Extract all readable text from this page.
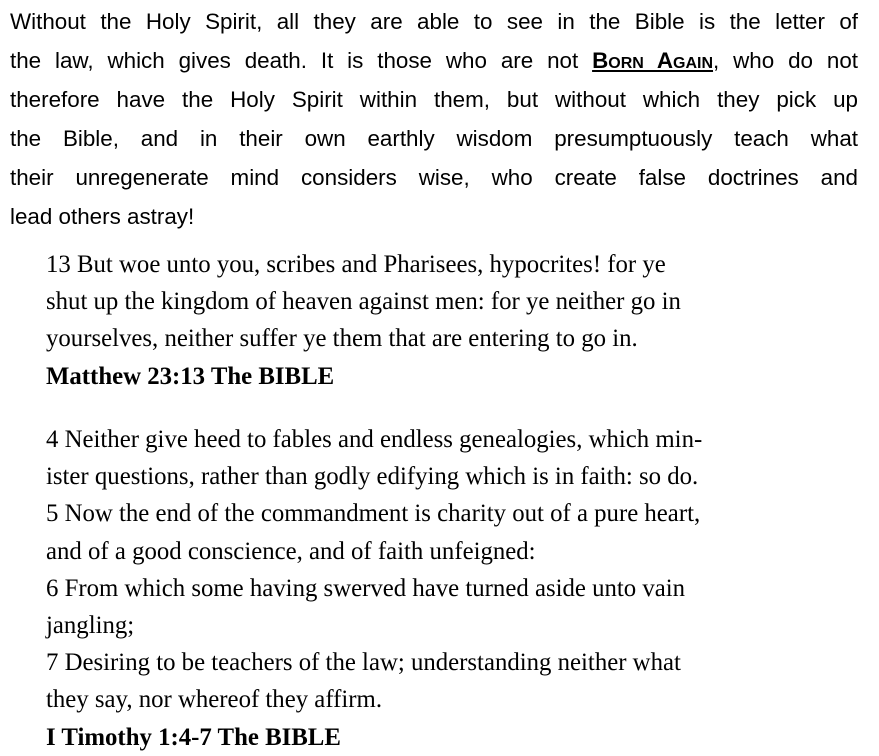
Without the Holy Spirit, all they are able to see in the Bible is the letter of
the law, which gives death. It is those who are not Born Again, who do not
therefore have the Holy Spirit within them, but without which they pick up
the Bible, and in their own earthly wisdom presumptuously teach what
their unregenerate mind considers wise, who create false doctrines and
lead others astray!
13 But woe unto you, scribes and Pharisees, hypocrites! for ye
shut up the kingdom of heaven against men: for ye neither go in
yourselves, neither suffer ye them that are entering to go in.
Matthew 23:13 The BIBLE
4 Neither give heed to fables and endless genealogies, which min-
ister questions, rather than godly edifying which is in faith: so do.
5 Now the end of the commandment is charity out of a pure heart,
and of a good conscience, and of faith unfeigned:
6 From which some having swerved have turned aside unto vain
jangling;
7 Desiring to be teachers of the law; understanding neither what
they say, nor whereof they affirm.
I Timothy 1:4-7 The BIBLE
